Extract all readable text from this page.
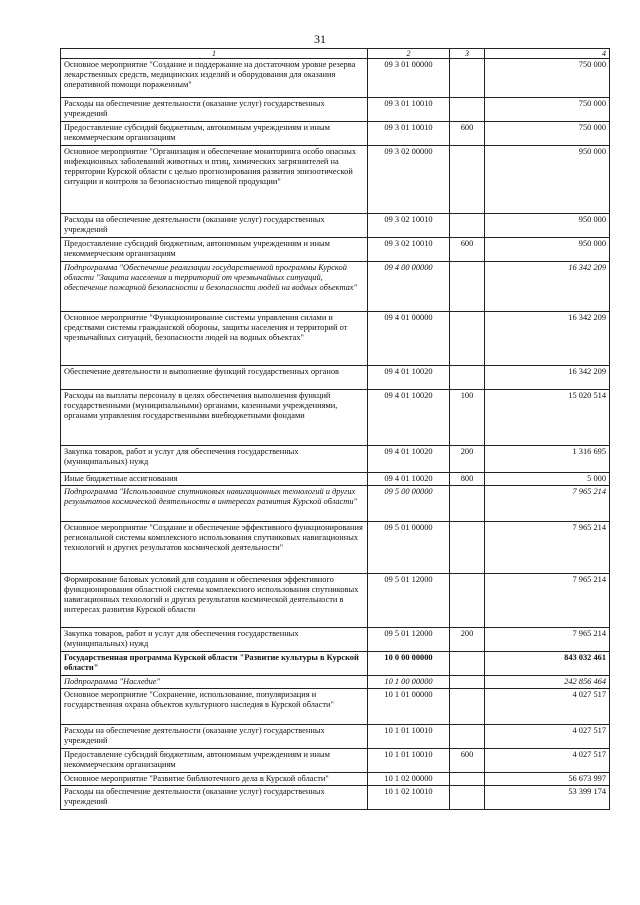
31
1	2	3	4
Основное мероприятие "Создание и поддержание на достаточном уровне резерва лекарственных средств, медицинских изделий и оборудования для оказания оперативной помощи пораженным"	09 3 01 00000		750 000
Расходы на обеспечение деятельности (оказание услуг) государственных учреждений	09 3 01 10010		750 000
Предоставление субсидий бюджетным, автономным учреждениям и иным некоммерческим организациям	09 3 01 10010	600	750 000
Основное мероприятие "Организация и обеспечение мониторинга особо опасных инфекционных заболеваний животных и птиц, химических загрязнителей на территории Курской области с целью прогнозирования развития эпизоотической ситуации и контроля за безопасностью пищевой продукции"	09 3 02 00000		950 000
Расходы на обеспечение деятельности (оказание услуг) государственных учреждений	09 3 02 10010		950 000
Предоставление субсидий бюджетным, автономным учреждениям и иным некоммерческим организациям	09 3 02 10010	600	950 000
Подпрограмма "Обеспечение реализации государственной программы Курской области "Защита населения и территорий от чрезвычайных ситуаций, обеспечение пожарной безопасности и безопасности людей на водных объектах"	09 4 00 00000		16 342 209
Основное мероприятие "Функционирование системы управления силами и средствами системы гражданской обороны, защиты населения и территорий от чрезвычайных ситуаций, безопасности людей на водных объектах"	09 4 01 00000		16 342 209
Обеспечение деятельности и выполнение функций государственных органов	09 4 01 10020		16 342 209
Расходы на выплаты персоналу в целях обеспечения выполнения функций государственными (муниципальными) органами, казенными учреждениями, органами управления государственными внебюджетными фондами	09 4 01 10020	100	15 020 514
Закупка товаров, работ и услуг для обеспечения государственных (муниципальных) нужд	09 4 01 10020	200	1 316 695
Иные бюджетные ассигнования	09 4 01 10020	800	5 000
Подпрограмма "Использование спутниковых навигационных технологий и других результатов космической деятельности в интересах развития Курской области"	09 5 00 00000		7 965 214
Основное мероприятие "Создание и обеспечение эффективного функционирования региональной системы комплексного использования спутниковых навигационных технологий и других результатов космической деятельности"	09 5 01 00000		7 965 214
Формирование базовых условий для создания и обеспечения эффективного функционирования областной системы комплексного использования спутниковых навигационных технологий и других результатов космической деятельности в интересах развития Курской области	09 5 01 12000		7 965 214
Закупка товаров, работ и услуг для обеспечения государственных (муниципальных) нужд	09 5 01 12000	200	7 965 214
Государственная программа Курской области "Развитие культуры в Курской области"	10 0 00 00000		843 032 461
Подпрограмма "Наследие"	10 1 00 00000		242 856 464
Основное мероприятие "Сохранение, использование, популяризация и государственная охрана объектов культурного наследия в Курской области"	10 1 01 00000		4 027 517
Расходы на обеспечение деятельности (оказание услуг) государственных учреждений	10 1 01 10010		4 027 517
Предоставление субсидий бюджетным, автономным учреждениям и иным некоммерческим организациям	10 1 01 10010	600	4 027 517
Основное мероприятие "Развитие библиотечного дела в Курской области"	10 1 02 00000		56 673 997
Расходы на обеспечение деятельности (оказание услуг) государственных учреждений	10 1 02 10010		53 399 174
